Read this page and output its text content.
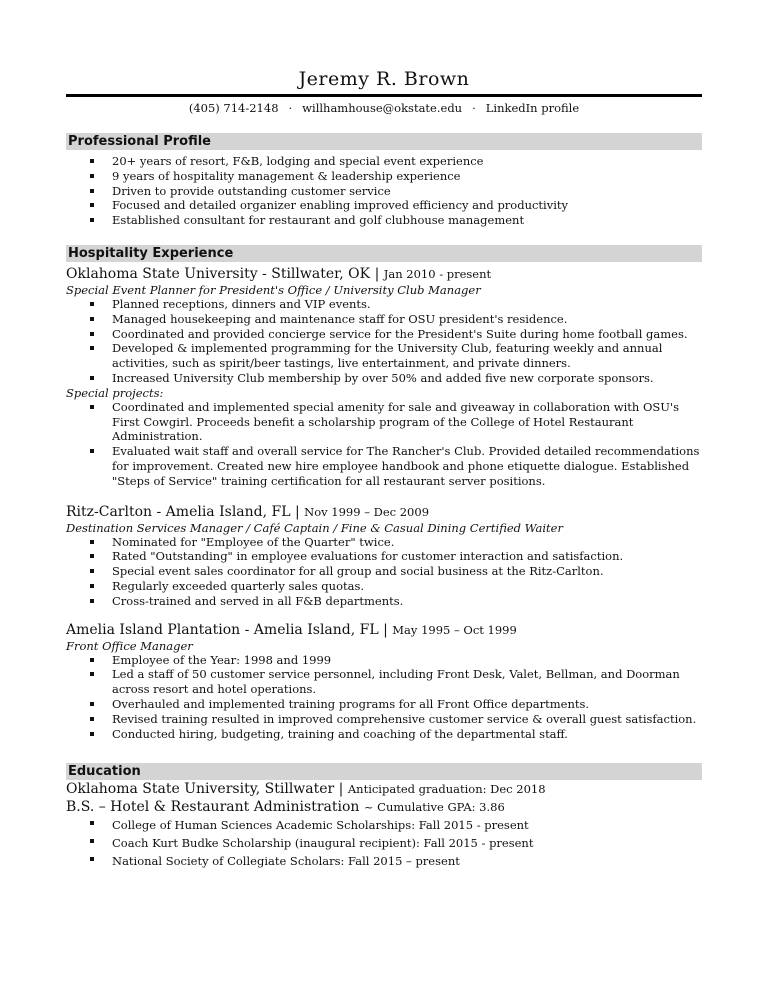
Jeremy R. Brown
(405) 714-2148 · willhamhouse@okstate.edu · LinkedIn profile
Professional Profile
20+ years of resort, F&B, lodging and special event experience
9 years of hospitality management & leadership experience
Driven to provide outstanding customer service
Focused and detailed organizer enabling improved efficiency and productivity
Established consultant for restaurant and golf clubhouse management
Hospitality Experience
Oklahoma State University - Stillwater, OK | Jan 2010 - present
Special Event Planner for President's Office / University Club Manager
Planned receptions, dinners and VIP events.
Managed housekeeping and maintenance staff for OSU president's residence.
Coordinated and provided concierge service for the President's Suite during home football games.
Developed & implemented programming for the University Club, featuring weekly and annual activities, such as spirit/beer tastings, live entertainment, and private dinners.
Increased University Club membership by over 50% and added five new corporate sponsors.
Special projects:
Coordinated and implemented special amenity for sale and giveaway in collaboration with OSU's First Cowgirl. Proceeds benefit a scholarship program of the College of Hotel Restaurant Administration.
Evaluated wait staff and overall service for The Rancher's Club. Provided detailed recommendations for improvement. Created new hire employee handbook and phone etiquette dialogue. Established "Steps of Service" training certification for all restaurant server positions.
Ritz-Carlton - Amelia Island, FL | Nov 1999 – Dec 2009
Destination Services Manager / Café Captain / Fine & Casual Dining Certified Waiter
Nominated for "Employee of the Quarter" twice.
Rated "Outstanding" in employee evaluations for customer interaction and satisfaction.
Special event sales coordinator for all group and social business at the Ritz-Carlton.
Regularly exceeded quarterly sales quotas.
Cross-trained and served in all F&B departments.
Amelia Island Plantation - Amelia Island, FL | May 1995 – Oct 1999
Front Office Manager
Employee of the Year: 1998 and 1999
Led a staff of 50 customer service personnel, including Front Desk, Valet, Bellman, and Doorman across resort and hotel operations.
Overhauled and implemented training programs for all Front Office departments.
Revised training resulted in improved comprehensive customer service & overall guest satisfaction.
Conducted hiring, budgeting, training and coaching of the departmental staff.
Education
Oklahoma State University, Stillwater | Anticipated graduation: Dec 2018
B.S. – Hotel & Restaurant Administration ~ Cumulative GPA: 3.86
College of Human Sciences Academic Scholarships: Fall 2015 - present
Coach Kurt Budke Scholarship (inaugural recipient): Fall 2015 - present
National Society of Collegiate Scholars: Fall 2015 – present
